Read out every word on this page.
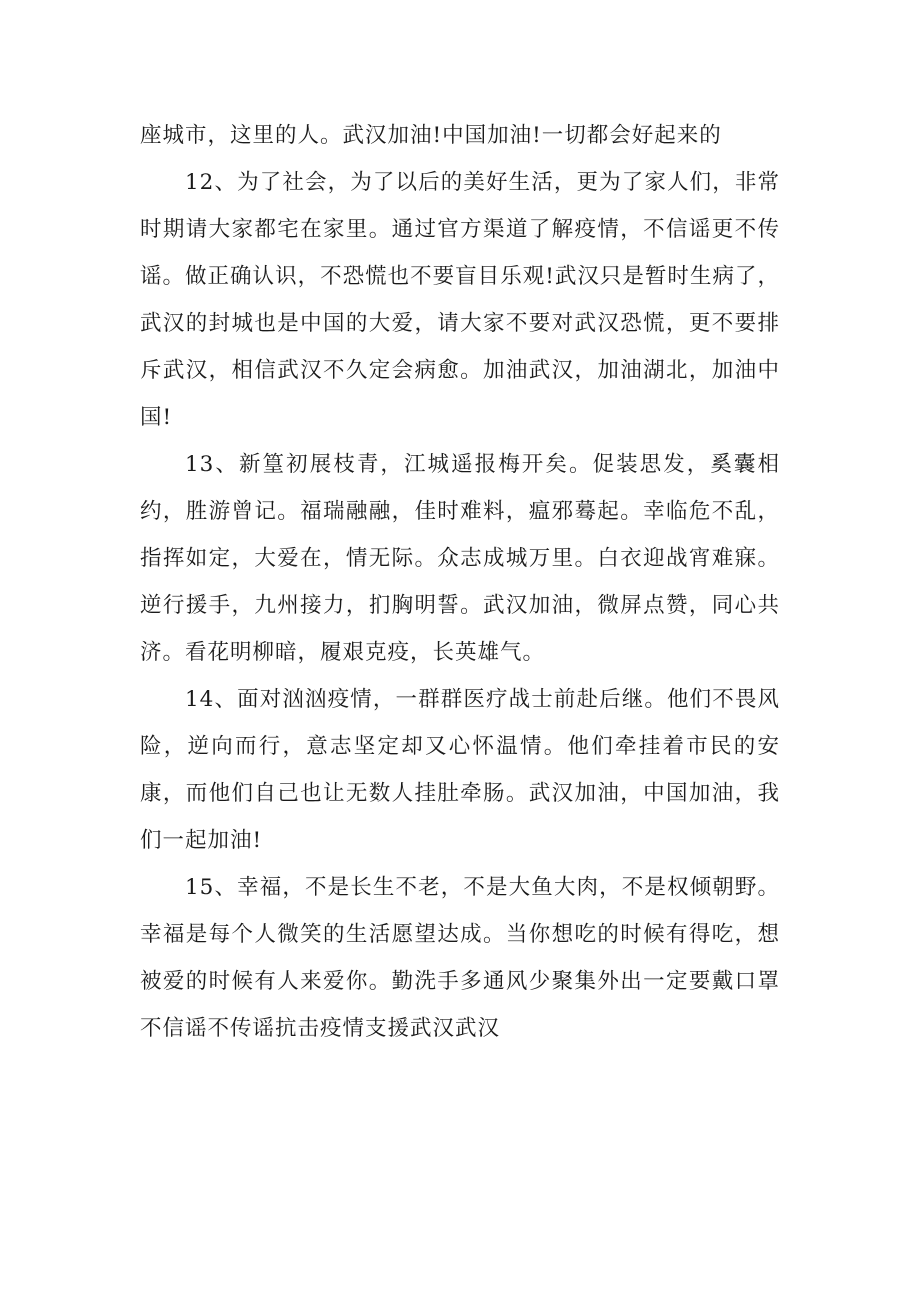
座城市，这里的人。武汉加油!中国加油!一切都会好起来的

12、为了社会，为了以后的美好生活，更为了家人们，非常时期请大家都宅在家里。通过官方渠道了解疫情，不信谣更不传谣。做正确认识，不恐慌也不要盲目乐观!武汉只是暂时生病了，武汉的封城也是中国的大爱，请大家不要对武汉恐慌，更不要排斥武汉，相信武汉不久定会病愈。加油武汉，加油湖北，加油中国!

13、新篁初展枝青，江城遥报梅开矣。促装思发，奚囊相约，胜游曾记。福瑞融融，佳时难料，瘟邪蓦起。幸临危不乱，指挥如定，大爱在，情无际。众志成城万里。白衣迎战宵难寐。逆行援手，九州接力，扪胸明誓。武汉加油，微屏点赞，同心共济。看花明柳暗，履艰克疫，长英雄气。

14、面对汹汹疫情，一群群医疗战士前赴后继。他们不畏风险，逆向而行，意志坚定却又心怀温情。他们牵挂着市民的安康，而他们自己也让无数人挂肚牵肠。武汉加油，中国加油，我们一起加油!

15、幸福，不是长生不老，不是大鱼大肉，不是权倾朝野。幸福是每个人微笑的生活愿望达成。当你想吃的时候有得吃，想被爱的时候有人来爱你。勤洗手多通风少聚集外出一定要戴口罩不信谣不传谣抗击疫情支援武汉武汉
